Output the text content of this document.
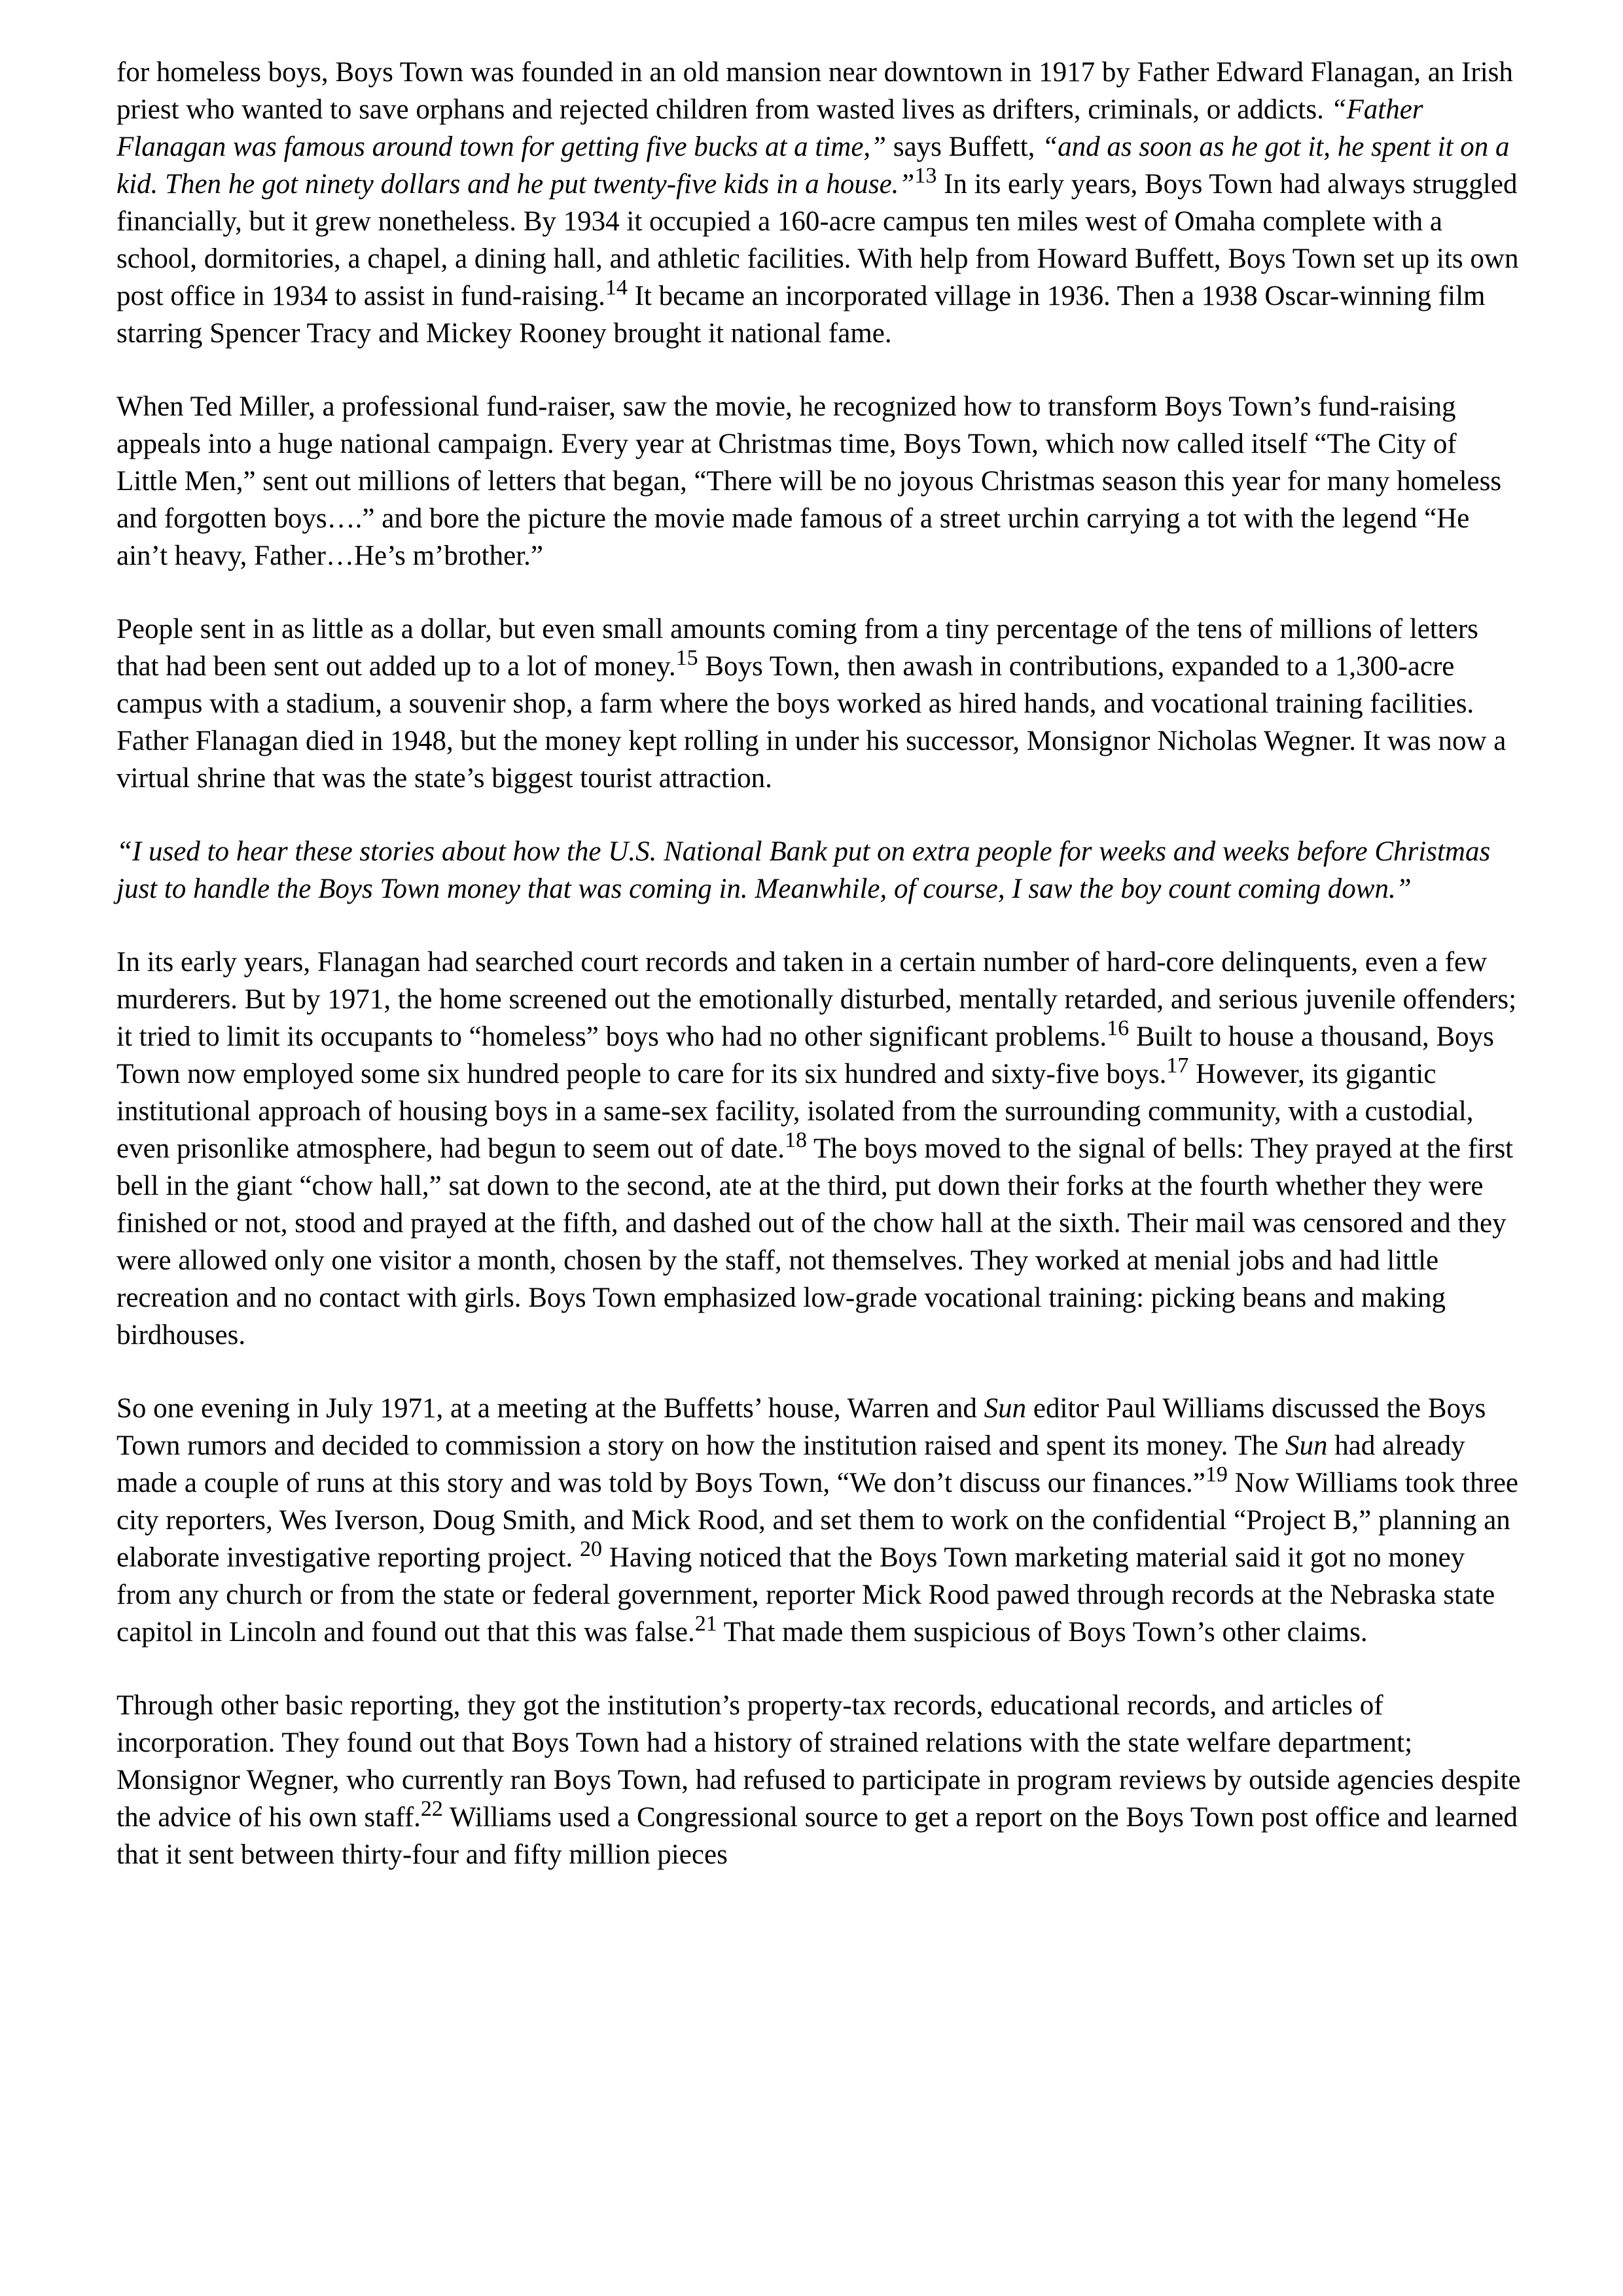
for homeless boys, Boys Town was founded in an old mansion near downtown in 1917 by Father Edward Flanagan, an Irish priest who wanted to save orphans and rejected children from wasted lives as drifters, criminals, or addicts. “Father Flanagan was famous around town for getting five bucks at a time,” says Buffett, “and as soon as he got it, he spent it on a kid. Then he got ninety dollars and he put twenty-five kids in a house.”$^{13}$ In its early years, Boys Town had always struggled financially, but it grew nonetheless. By 1934 it occupied a 160-acre campus ten miles west of Omaha complete with a school, dormitories, a chapel, a dining hall, and athletic facilities. With help from Howard Buffett, Boys Town set up its own post office in 1934 to assist in fund-raising.$^{14}$ It became an incorporated village in 1936. Then a 1938 Oscar-winning film starring Spencer Tracy and Mickey Rooney brought it national fame.

When Ted Miller, a professional fund-raiser, saw the movie, he recognized how to transform Boys Town’s fund-raising appeals into a huge national campaign. Every year at Christmas time, Boys Town, which now called itself “The City of Little Men,” sent out millions of letters that began, “There will be no joyous Christmas season this year for many homeless and forgotten boys….” and bore the picture the movie made famous of a street urchin carrying a tot with the legend “He ain’t heavy, Father…He’s m’brother.”

People sent in as little as a dollar, but even small amounts coming from a tiny percentage of the tens of millions of letters that had been sent out added up to a lot of money.$^{15}$ Boys Town, then awash in contributions, expanded to a 1,300-acre campus with a stadium, a souvenir shop, a farm where the boys worked as hired hands, and vocational training facilities. Father Flanagan died in 1948, but the money kept rolling in under his successor, Monsignor Nicholas Wegner. It was now a virtual shrine that was the state’s biggest tourist attraction.

“I used to hear these stories about how the U.S. National Bank put on extra people for weeks and weeks before Christmas just to handle the Boys Town money that was coming in. Meanwhile, of course, I saw the boy count coming down.”

In its early years, Flanagan had searched court records and taken in a certain number of hard-core delinquents, even a few murderers. But by 1971, the home screened out the emotionally disturbed, mentally retarded, and serious juvenile offenders; it tried to limit its occupants to “homeless” boys who had no other significant problems.$^{16}$ Built to house a thousand, Boys Town now employed some six hundred people to care for its six hundred and sixty-five boys.$^{17}$ However, its gigantic institutional approach of housing boys in a same-sex facility, isolated from the surrounding community, with a custodial, even prisonlike atmosphere, had begun to seem out of date.$^{18}$ The boys moved to the signal of bells: They prayed at the first bell in the giant “chow hall,” sat down to the second, ate at the third, put down their forks at the fourth whether they were finished or not, stood and prayed at the fifth, and dashed out of the chow hall at the sixth. Their mail was censored and they were allowed only one visitor a month, chosen by the staff, not themselves. They worked at menial jobs and had little recreation and no contact with girls. Boys Town emphasized low-grade vocational training: picking beans and making birdhouses.

So one evening in July 1971, at a meeting at the Buffetts’ house, Warren and Sun editor Paul Williams discussed the Boys Town rumors and decided to commission a story on how the institution raised and spent its money. The Sun had already made a couple of runs at this story and was told by Boys Town, “We don’t discuss our finances.”$^{19}$ Now Williams took three city reporters, Wes Iverson, Doug Smith, and Mick Rood, and set them to work on the confidential “Project B,” planning an elaborate investigative reporting project. $^{20}$ Having noticed that the Boys Town marketing material said it got no money from any church or from the state or federal government, reporter Mick Rood pawed through records at the Nebraska state capitol in Lincoln and found out that this was false.$^{21}$ That made them suspicious of Boys Town’s other claims.

Through other basic reporting, they got the institution’s property-tax records, educational records, and articles of incorporation. They found out that Boys Town had a history of strained relations with the state welfare department; Monsignor Wegner, who currently ran Boys Town, had refused to participate in program reviews by outside agencies despite the advice of his own staff.$^{22}$ Williams used a Congressional source to get a report on the Boys Town post office and learned that it sent between thirty-four and fifty million pieces
